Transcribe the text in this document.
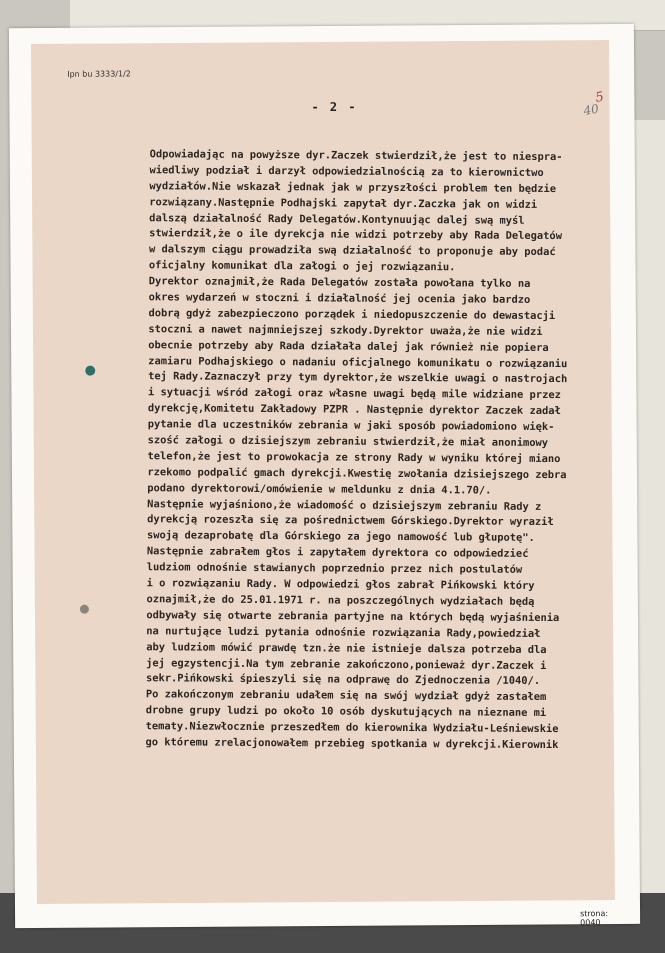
Ipn bu 3333/1/2
- 2 -
5
40
Odpowiadając na powyższe dyr.Zaczek stwierdził,że jest to niespra-
wiedliwy podział i darzył odpowiedzialnością za to kierownictwo
wydziałów.Nie wskazał jednak jak w przyszłości problem ten będzie
rozwiązany.Następnie Podhajski zapytał dyr.Zaczka jak on widzi
dalszą działalność Rady Delegatów.Kontynuując dalej swą myśl
stwierdził,że o ile dyrekcja nie widzi potrzeby aby Rada Delegatów
w dalszym ciągu prowadziła swą działalność to proponuje aby podać
oficjalny komunikat dla załogi o jej rozwiązaniu.
Dyrektor oznajmił,że Rada Delegatów została powołana tylko na
okres wydarzeń w stoczni i działalność jej ocenia jako bardzo
dobrą gdyż zabezpieczono porządek i niedopuszczenie do dewastacji
stoczni a nawet najmniejszej szkody.Dyrektor uważa,że nie widzi
obecnie potrzeby aby Rada działała dalej jak również nie popiera
zamiaru Podhajskiego o nadaniu oficjalnego komunikatu o rozwiązaniu
tej Rady.Zaznaczył przy tym dyrektor,że wszelkie uwagi o nastrojach
i sytuacji wśród załogi oraz własne uwagi będą mile widziane przez
dyrekcję,Komitetu Zakładowy PZPR . Następnie dyrektor Zaczek zadał
pytanie dla uczestników zebrania w jaki sposób powiadomiono więk-
szość załogi o dzisiejszym zebraniu stwierdził,że miał anonimowy
telefon,że jest to prowokacja ze strony Rady w wyniku której miano
rzekomo podpalić gmach dyrekcji.Kwestię zwołania dzisiejszego zebra
podano dyrektorowi/omówienie w meldunku z dnia 4.1.70/.
Następnie wyjaśniono,że wiadomość o dzisiejszym zebraniu Rady z
dyrekcją rozeszła się za pośrednictwem Górskiego.Dyrektor wyraził
swoją dezaprobatę dla Górskiego za jego namowość lub głupotę".
Następnie zabrałem głos i zapytałem dyrektora co odpowiedzieć
ludziom odnośnie stawianych poprzednio przez nich postulatów
i o rozwiązaniu Rady. W odpowiedzi głos zabrał Pińkowski który
oznajmił,że do 25.01.1971 r. na poszczególnych wydziałach będą
odbywały się otwarte zebrania partyjne na których będą wyjaśnienia
na nurtujące ludzi pytania odnośnie rozwiązania Rady,powiedział
aby ludziom mówić prawdę tzn.że nie istnieje dalsza potrzeba dla
jej egzystencji.Na tym zebranie zakończono,ponieważ dyr.Zaczek i
sekr.Pińkowski śpieszyli się na odprawę do Zjednoczenia /1040/.
Po zakończonym zebraniu udałem się na swój wydział gdyż zastałem
drobne grupy ludzi po około 10 osób dyskutujących na nieznane mi
tematy.Niezwłocznie przeszedłem do kierownika Wydziału-Leśniewskie
go któremu zrelacjonowałem przebieg spotkania w dyrekcji.Kierownik
strona: 0040
